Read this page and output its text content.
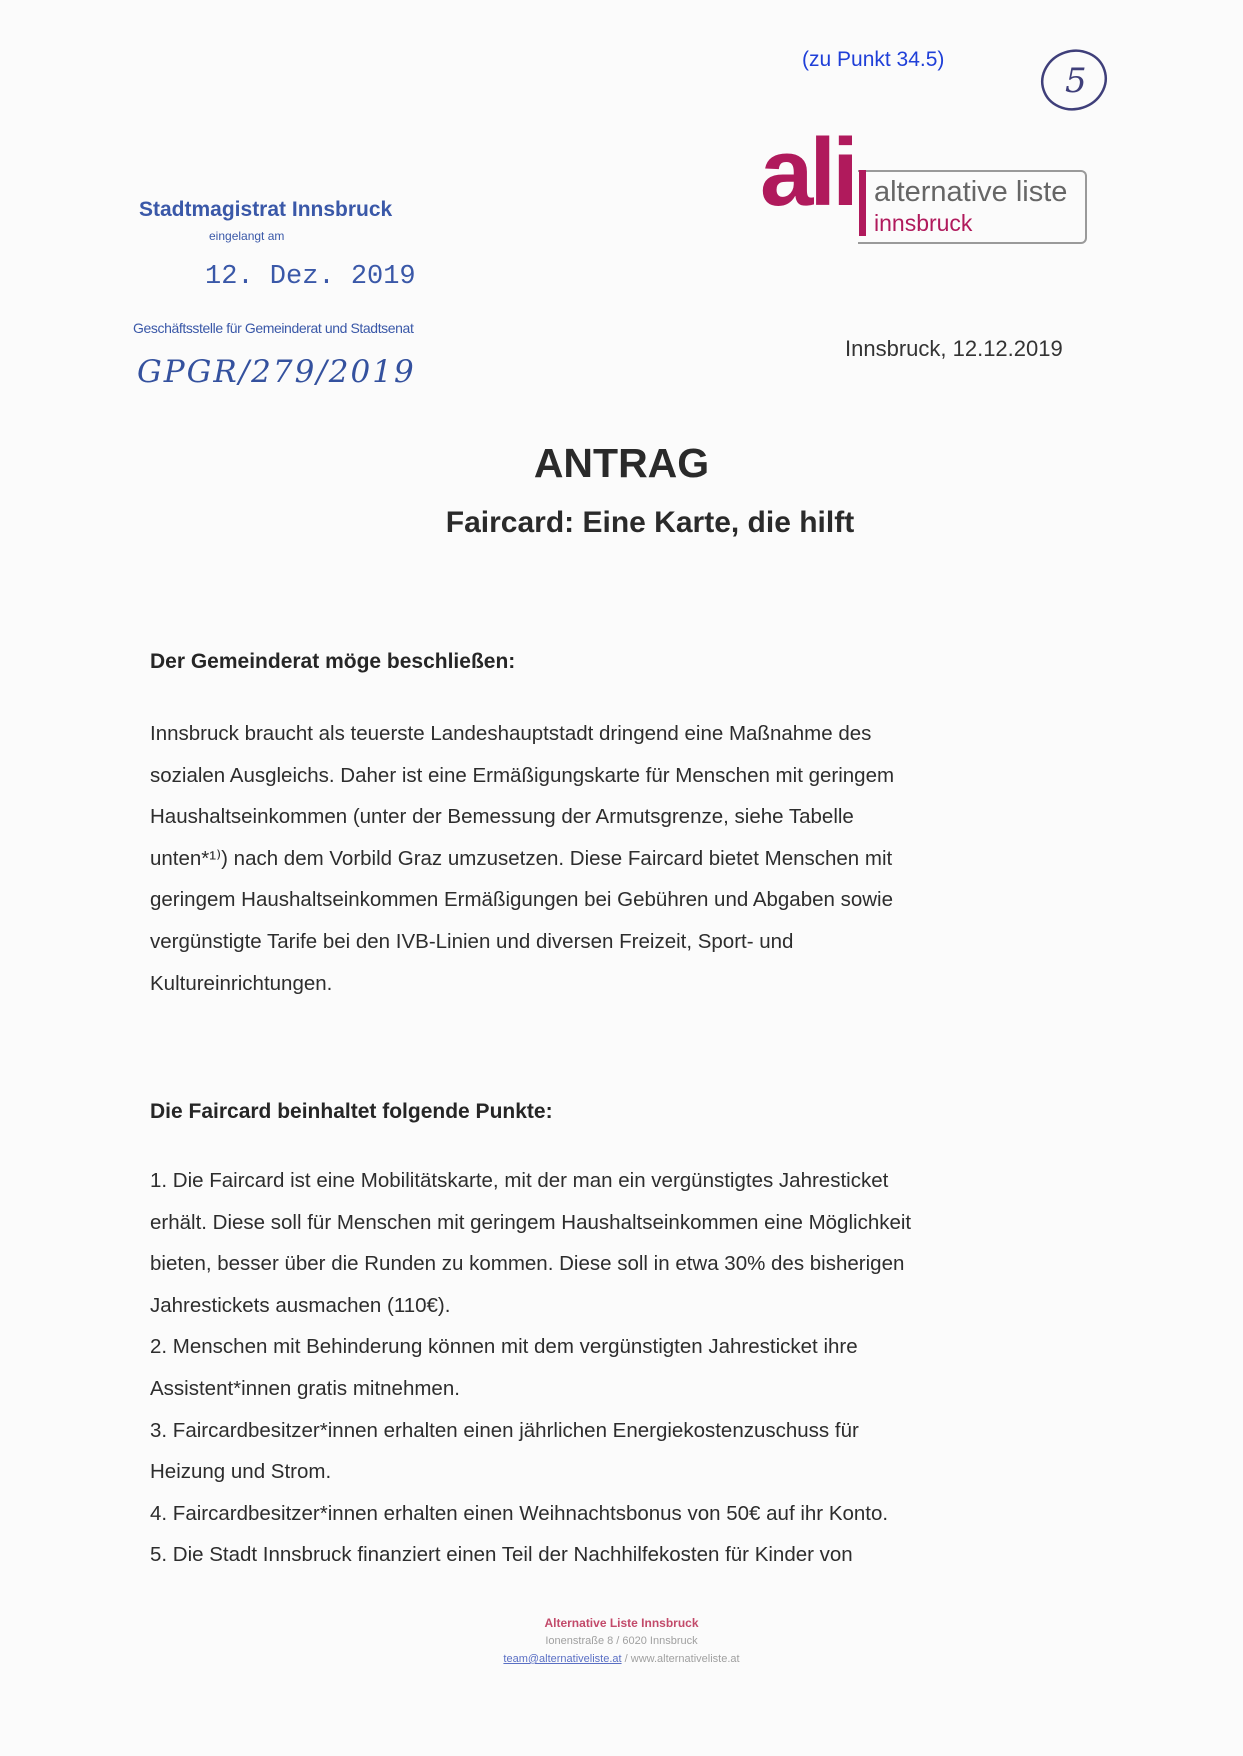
(zu Punkt 34.5)
5
ali alternative liste
innsbruck
Stadtmagistrat Innsbruck
eingelangt am
12. Dez. 2019
Geschäftsstelle für Gemeinderat und Stadtsenat
GPGR/279/2019
Innsbruck, 12.12.2019
ANTRAG
Faircard: Eine Karte, die hilft
Der Gemeinderat möge beschließen:

Innsbruck braucht als teuerste Landeshauptstadt dringend eine Maßnahme des

sozialen Ausgleichs. Daher ist eine Ermäßigungskarte für Menschen mit geringem

Haushaltseinkommen (unter der Bemessung der Armutsgrenze, siehe Tabelle

unten*¹⁾) nach dem Vorbild Graz umzusetzen. Diese Faircard bietet Menschen mit

geringem Haushaltseinkommen Ermäßigungen bei Gebühren und Abgaben sowie

vergünstigte Tarife bei den IVB-Linien und diversen Freizeit, Sport- und

Kultureinrichtungen.

Die Faircard beinhaltet folgende Punkte:

1. Die Faircard ist eine Mobilitätskarte, mit der man ein vergünstigtes Jahresticket

erhält. Diese soll für Menschen mit geringem Haushaltseinkommen eine Möglichkeit

bieten, besser über die Runden zu kommen. Diese soll in etwa 30% des bisherigen

Jahrestickets ausmachen (110€).

2. Menschen mit Behinderung können mit dem vergünstigten Jahresticket ihre

Assistent*innen gratis mitnehmen.

3. Faircardbesitzer*innen erhalten einen jährlichen Energiekostenzuschuss für

Heizung und Strom.

4. Faircardbesitzer*innen erhalten einen Weihnachtsbonus von 50€ auf ihr Konto.

5. Die Stadt Innsbruck finanziert einen Teil der Nachhilfekosten für Kinder von

Alternative Liste Innsbruck
Ionenstraße 8 / 6020 Innsbruck
team@alternativeliste.at / www.alternativeliste.at
